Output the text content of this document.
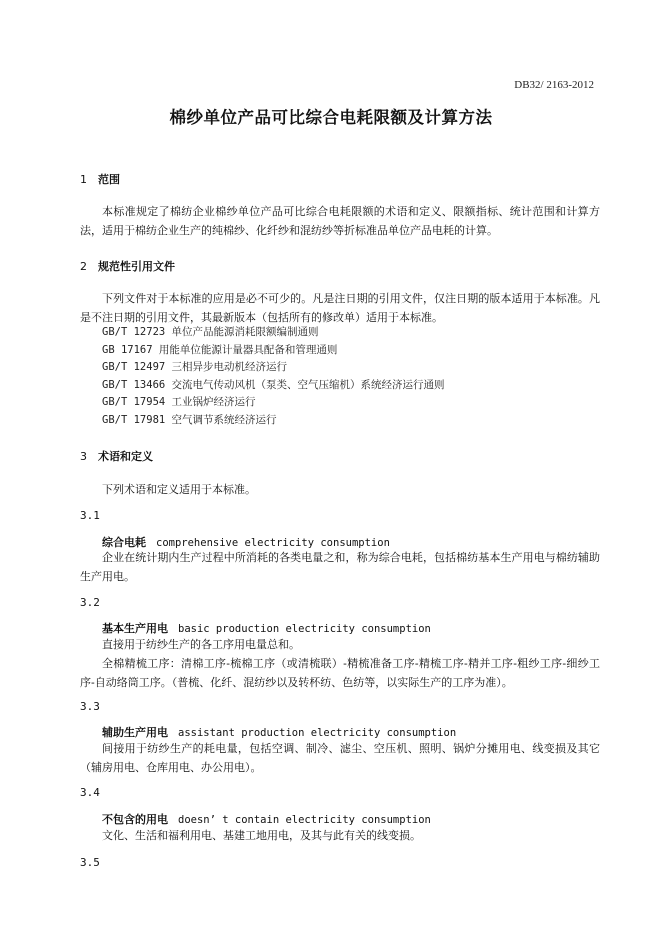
DB32/ 2163-2012
棉纱单位产品可比综合电耗限额及计算方法
1 范围

本标准规定了棉纺企业棉纱单位产品可比综合电耗限额的术语和定义、限额指标、统计范围和计算方法，适用于棉纺企业生产的纯棉纱、化纤纱和混纺纱等折标准品单位产品电耗的计算。

2 规范性引用文件

下列文件对于本标准的应用是必不可少的。凡是注日期的引用文件，仅注日期的版本适用于本标准。凡是不注日期的引用文件，其最新版本（包括所有的修改单）适用于本标准。

GB/T 12723 单位产品能源消耗限额编制通则
GB 17167 用能单位能源计量器具配备和管理通则
GB/T 12497 三相异步电动机经济运行
GB/T 13466 交流电气传动风机（泵类、空气压缩机）系统经济运行通则
GB/T 17954 工业锅炉经济运行
GB/T 17981 空气调节系统经济运行
3 术语和定义

下列术语和定义适用于本标准。

3.1
综合电耗 comprehensive electricity consumption

企业在统计期内生产过程中所消耗的各类电量之和，称为综合电耗，包括棉纺基本生产用电与棉纺辅助生产用电。

3.2
基本生产用电 basic production electricity consumption

直接用于纺纱生产的各工序用电量总和。

全棉精梳工序：清棉工序-梳棉工序（或清梳联）-精梳准备工序-精梳工序-精并工序-粗纱工序-细纱工序-自动络筒工序。（普梳、化纤、混纺纱以及转杯纺、色纺等，以实际生产的工序为准）。

3.3
辅助生产用电 assistant production electricity consumption

间接用于纺纱生产的耗电量，包括空调、制冷、滤尘、空压机、照明、锅炉分摊用电、线变损及其它（辅房用电、仓库用电、办公用电）。

3.4
不包含的用电 doesn’ t contain electricity consumption

文化、生活和福利用电、基建工地用电，及其与此有关的线变损。

3.5
